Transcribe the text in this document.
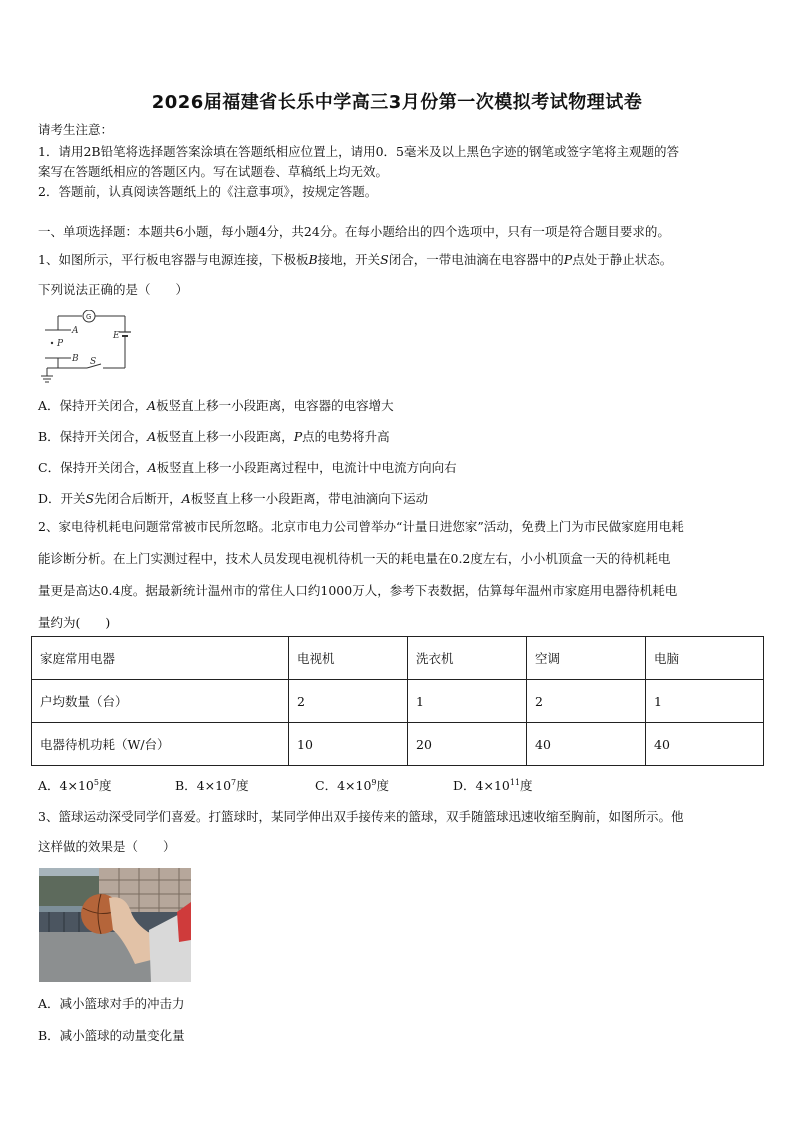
2026届福建省长乐中学高三3月份第一次模拟考试物理试卷
请考生注意：
1．请用2B铅笔将选择题答案涂填在答题纸相应位置上，请用0．5毫米及以上黑色字迹的钢笔或签字笔将主观题的答
案写在答题纸相应的答题区内。写在试题卷、草稿纸上均无效。
2．答题前，认真阅读答题纸上的《注意事项》，按规定答题。
一、单项选择题：本题共6小题，每小题4分，共24分。在每小题给出的四个选项中，只有一项是符合题目要求的。
1、如图所示，平行板电容器与电源连接，下极板B接地，开关S闭合，一带电油滴在电容器中的P点处于静止状态。
下列说法正确的是（　　）
A
P
B
E
S
G
A．保持开关闭合，A板竖直上移一小段距离，电容器的电容增大
B．保持开关闭合，A板竖直上移一小段距离，P点的电势将升高
C．保持开关闭合，A板竖直上移一小段距离过程中，电流计中电流方向向右
D．开关S先闭合后断开，A板竖直上移一小段距离，带电油滴向下运动
2、家电待机耗电问题常常被市民所忽略。北京市电力公司曾举办“计量日进您家”活动，免费上门为市民做家庭用电耗
能诊断分析。在上门实测过程中，技术人员发现电视机待机一天的耗电量在0.2度左右，小小机顶盒一天的待机耗电
量更是高达0.4度。据最新统计温州市的常住人口约1000万人，参考下表数据，估算每年温州市家庭用电器待机耗电
量约为(　　)
家庭常用电器	电视机	洗衣机	空调	电脑
户均数量（台）	2	1	2	1
电器待机功耗（W/台）	10	20	40	40
A．$4\times 10^5$度	B．$4\times 10^7$度	C．$4\times 10^9$度	D．$4\times 10^{11}$度
3、篮球运动深受同学们喜爱。打篮球时，某同学伸出双手接传来的篮球，双手随篮球迅速收缩至胸前，如图所示。他
这样做的效果是（　　）
A．减小篮球对手的冲击力
B．减小篮球的动量变化量
